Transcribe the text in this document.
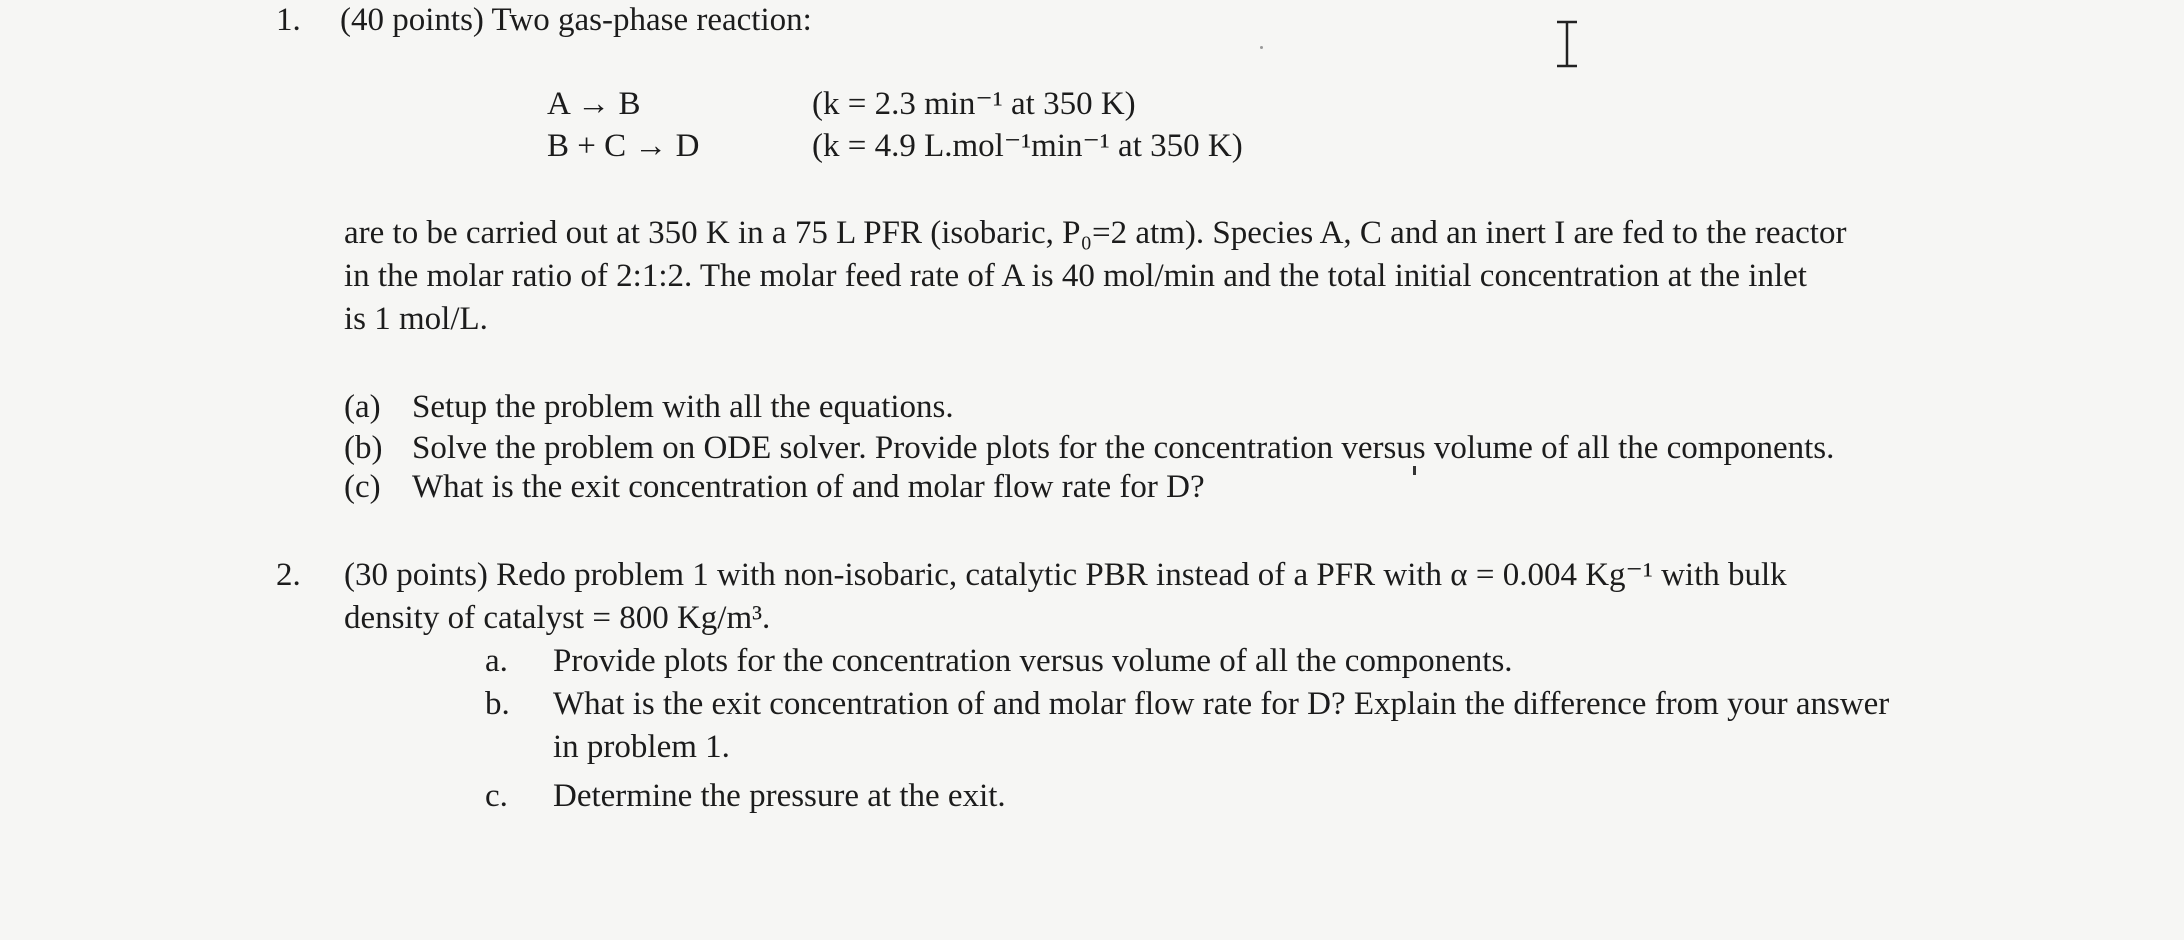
1. (40 points) Two gas-phase reaction:
A → B	(k = 2.3 min⁻¹ at 350 K)
B + C → D	(k = 4.9 L.mol⁻¹min⁻¹ at 350 K)
are to be carried out at 350 K in a 75 L PFR (isobaric, P₀=2 atm). Species A, C and an inert I are fed to the reactor
in the molar ratio of 2:1:2. The molar feed rate of A is 40 mol/min and the total initial concentration at the inlet
is 1 mol/L.
(a) Setup the problem with all the equations.
(b) Solve the problem on ODE solver. Provide plots for the concentration versus volume of all the components.
(c) What is the exit concentration of and molar flow rate for D?
2. (30 points) Redo problem 1 with non-isobaric, catalytic PBR instead of a PFR with α = 0.004 Kg⁻¹ with bulk
density of catalyst = 800 Kg/m³.
a. Provide plots for the concentration versus volume of all the components.
b. What is the exit concentration of and molar flow rate for D? Explain the difference from your answer
in problem 1.
c. Determine the pressure at the exit.
